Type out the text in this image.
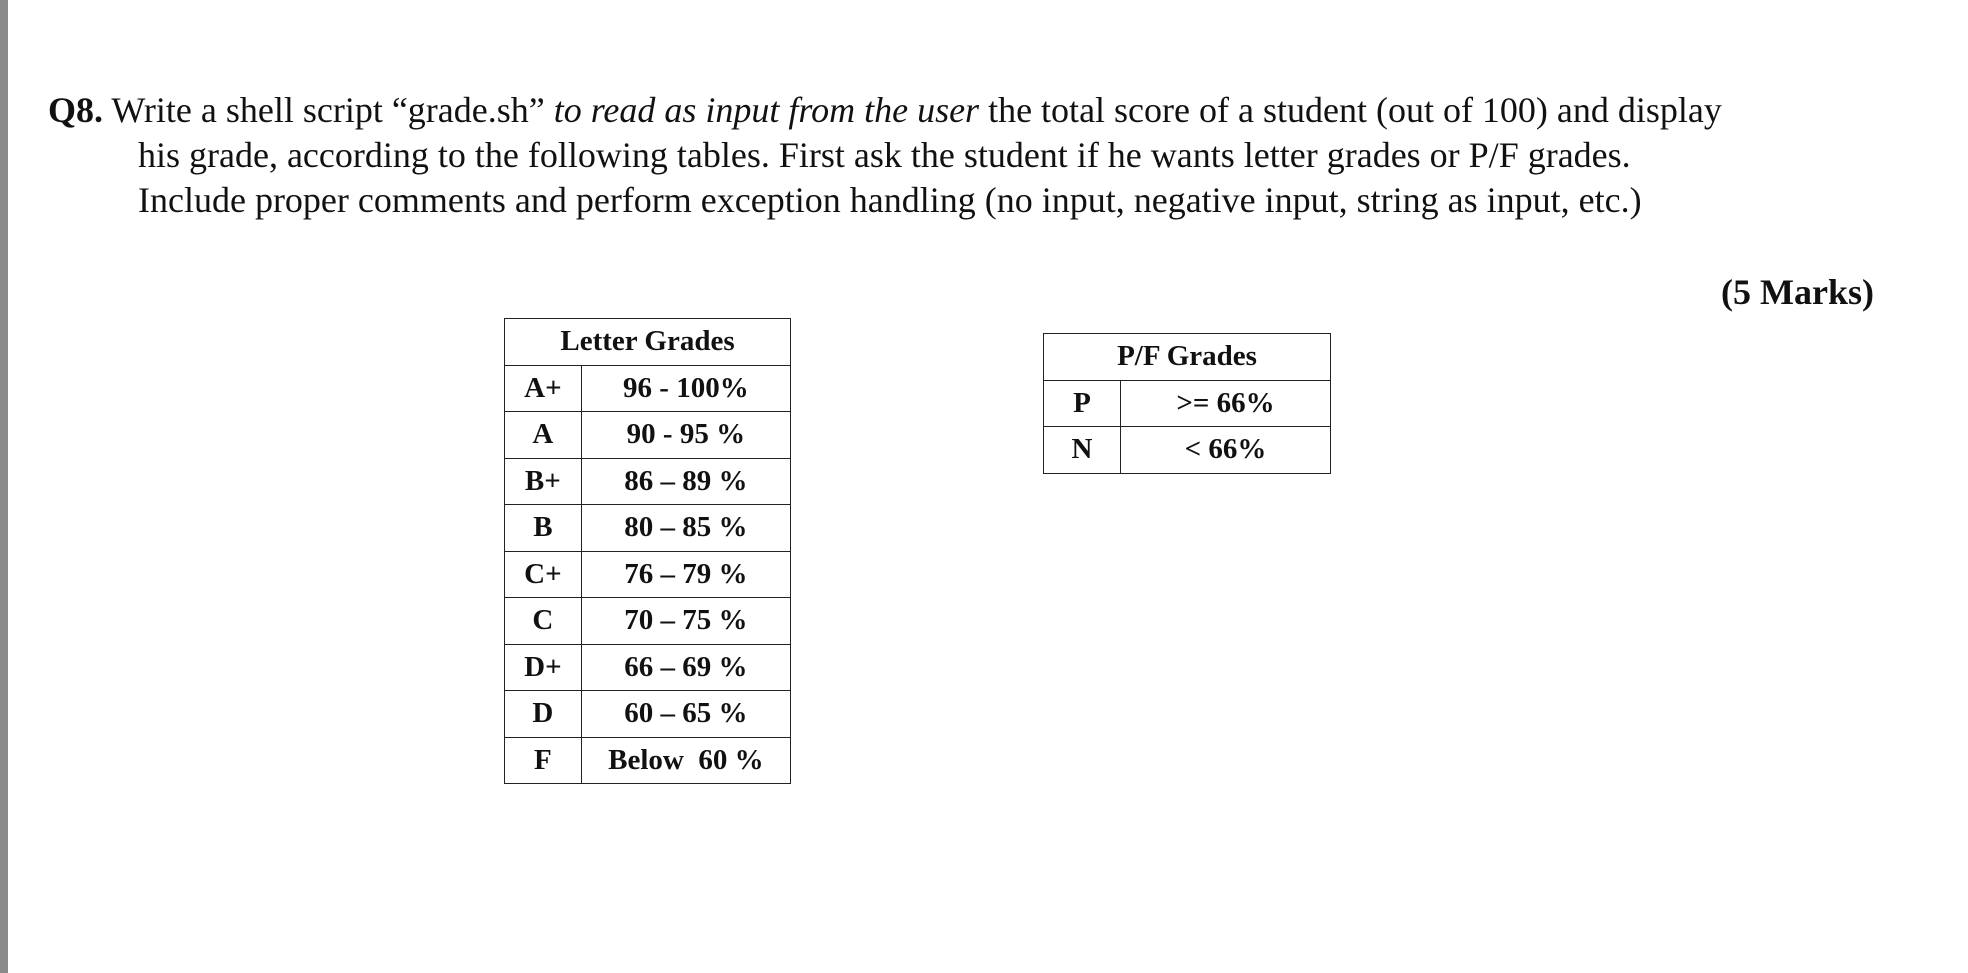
Q8. Write a shell script “grade.sh” to read as input from the user the total score of a student (out of 100) and display
his grade, according to the following tables. First ask the student if he wants letter grades or P/F grades.
Include proper comments and perform exception handling (no input, negative input, string as input, etc.)
(5 Marks)
Letter Grades	
A+	96 - 100%
A	90 - 95 %
B+	86 – 89 %
B	80 – 85 %
C+	76 – 79 %
C	70 – 75 %
D+	66 – 69 %
D	60 – 65 %
F	Below  60 %
P/F Grades	
P	>= 66%
N	< 66%
